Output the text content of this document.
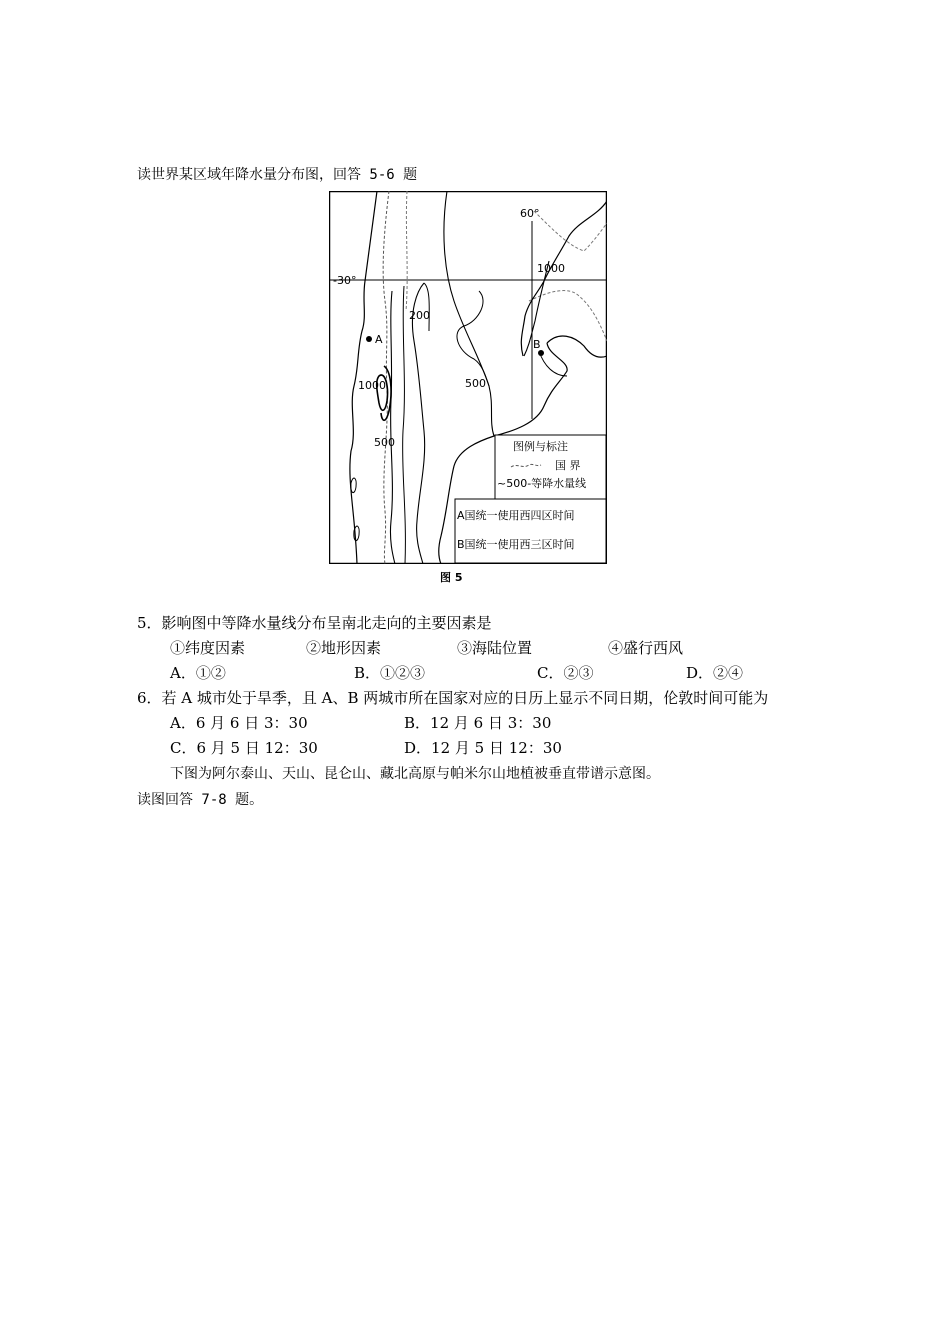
读世界某区域年降水量分布图，回答 5-6 题
A	B
-30°
60°
1000
200
500
1000
500	图例与标注
国 界
~500-等降水量线
A国统一使用西四区时间
B国统一使用西三区时间
图 5
5．影响图中等降水量线分布呈南北走向的主要因素是
①纬度因素	②地形因素	③海陆位置	④盛行西风
A．①②	B．①②③	C．②③	D．②④
6．若 A 城市处于旱季，且 A、B 两城市所在国家对应的日历上显示不同日期，伦敦时间可能为
A．6 月 6 日 3：30	B．12 月 6 日 3：30
C．6 月 5 日 12：30	D．12 月 5 日 12：30
下图为阿尔泰山、天山、昆仑山、藏北高原与帕米尔山地植被垂直带谱示意图。
读图回答 7-8 题。
